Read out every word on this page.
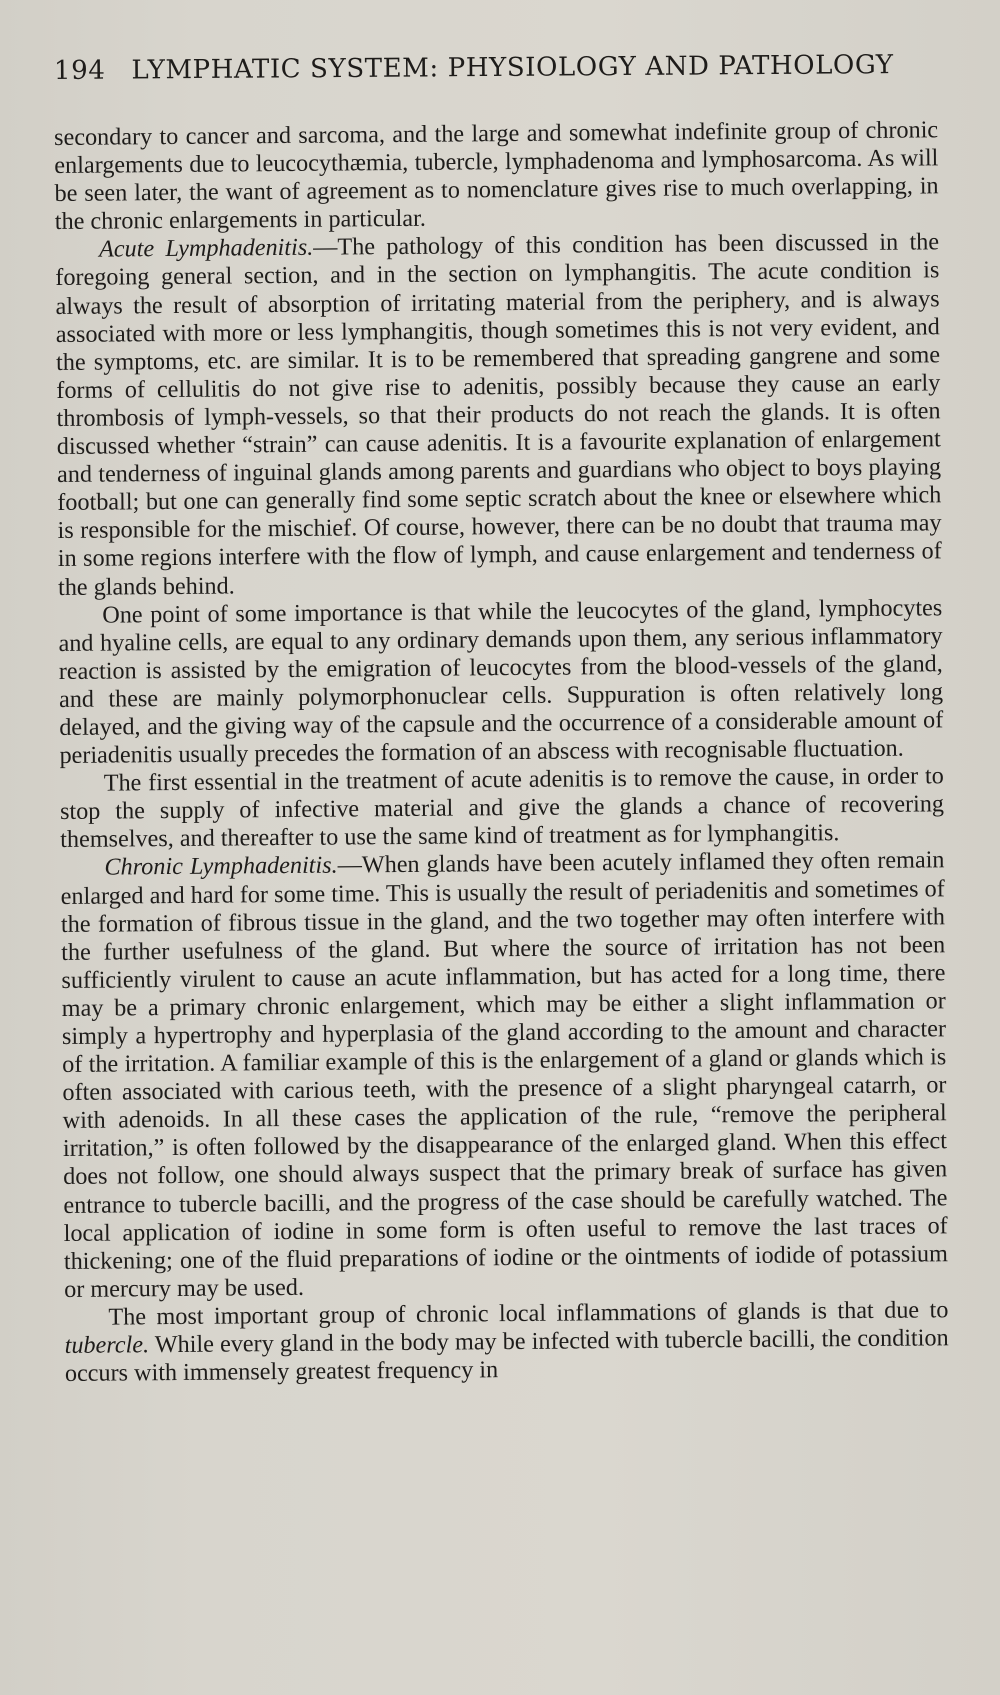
194 LYMPHATIC SYSTEM: PHYSIOLOGY AND PATHOLOGY

secondary to cancer and sarcoma, and the large and somewhat indefinite group of chronic enlargements due to leucocythæmia, tubercle, lymphadenoma and lymphosarcoma. As will be seen later, the want of agreement as to nomenclature gives rise to much overlapping, in the chronic enlargements in particular.

Acute Lymphadenitis.—The pathology of this condition has been discussed in the foregoing general section, and in the section on lymphangitis. The acute condition is always the result of absorption of irritating material from the periphery, and is always associated with more or less lymphangitis, though sometimes this is not very evident, and the symptoms, etc. are similar. It is to be remembered that spreading gangrene and some forms of cellulitis do not give rise to adenitis, possibly because they cause an early thrombosis of lymph-vessels, so that their products do not reach the glands. It is often discussed whether “strain” can cause adenitis. It is a favourite explanation of enlargement and tenderness of inguinal glands among parents and guardians who object to boys playing football; but one can generally find some septic scratch about the knee or elsewhere which is responsible for the mischief. Of course, however, there can be no doubt that trauma may in some regions interfere with the flow of lymph, and cause enlargement and tenderness of the glands behind.

One point of some importance is that while the leucocytes of the gland, lymphocytes and hyaline cells, are equal to any ordinary demands upon them, any serious inflammatory reaction is assisted by the emigration of leucocytes from the blood-vessels of the gland, and these are mainly polymorphonuclear cells. Suppuration is often relatively long delayed, and the giving way of the capsule and the occurrence of a considerable amount of periadenitis usually precedes the formation of an abscess with recognisable fluctuation.

The first essential in the treatment of acute adenitis is to remove the cause, in order to stop the supply of infective material and give the glands a chance of recovering themselves, and thereafter to use the same kind of treatment as for lymphangitis.

Chronic Lymphadenitis.—When glands have been acutely inflamed they often remain enlarged and hard for some time. This is usually the result of periadenitis and sometimes of the formation of fibrous tissue in the gland, and the two together may often interfere with the further usefulness of the gland. But where the source of irritation has not been sufficiently virulent to cause an acute inflammation, but has acted for a long time, there may be a primary chronic enlargement, which may be either a slight inflammation or simply a hypertrophy and hyperplasia of the gland according to the amount and character of the irritation. A familiar example of this is the enlargement of a gland or glands which is often associated with carious teeth, with the presence of a slight pharyngeal catarrh, or with adenoids. In all these cases the application of the rule, “remove the peripheral irritation,” is often followed by the disappearance of the enlarged gland. When this effect does not follow, one should always suspect that the primary break of surface has given entrance to tubercle bacilli, and the progress of the case should be carefully watched. The local application of iodine in some form is often useful to remove the last traces of thickening; one of the fluid preparations of iodine or the ointments of iodide of potassium or mercury may be used.

The most important group of chronic local inflammations of glands is that due to tubercle. While every gland in the body may be infected with tubercle bacilli, the condition occurs with immensely greatest frequency in
